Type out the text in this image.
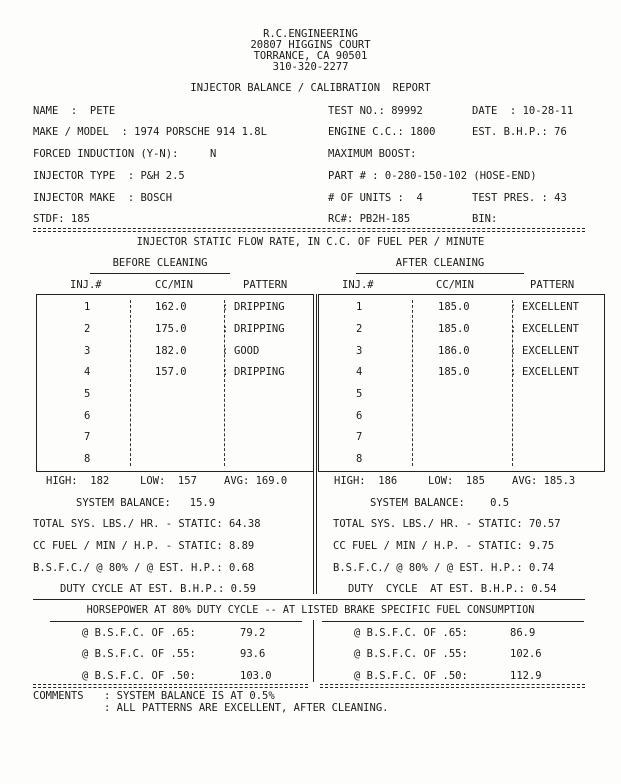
R.C.ENGINEERING
20807 HIGGINS COURT
TORRANCE, CA 90501
310-320-2277
INJECTOR BALANCE / CALIBRATION  REPORT
NAME  :  PETE
MAKE / MODEL  : 1974 PORSCHE 914 1.8L
FORCED INDUCTION (Y-N):     N
INJECTOR TYPE  : P&H 2.5
INJECTOR MAKE  : BOSCH
STDF: 185
TEST NO.: 89992	DATE  : 10-28-11
ENGINE C.C.: 1800	EST. B.H.P.: 76
MAXIMUM BOOST:
PART # : 0-280-150-102 (HOSE-END)
# OF UNITS :  4	TEST PRES. : 43
RC#: PB2H-185	BIN:
INJECTOR STATIC FLOW RATE, IN C.C. OF FUEL PER / MINUTE
BEFORE CLEANING	AFTER CLEANING
INJ.#	CC/MIN	PATTERN	INJ.#	CC/MIN	PATTERN
1	162.0	: DRIPPING
2	175.0	: DRIPPING
3	182.0	: GOOD
4	157.0	: DRIPPING
5
6
7
8
1	185.0	: EXCELLENT
2	185.0	: EXCELLENT
3	186.0	: EXCELLENT
4	185.0	: EXCELLENT
5
6
7
8
HIGH:  182	LOW:  157	AVG: 169.0
SYSTEM BALANCE:   15.9
TOTAL SYS. LBS./ HR. - STATIC: 64.38
CC FUEL / MIN / H.P. - STATIC: 8.89
B.S.F.C./ @ 80% / @ EST. H.P.: 0.68
DUTY CYCLE AT EST. B.H.P.: 0.59
HIGH:  186	LOW:  185	AVG: 185.3
SYSTEM BALANCE:    0.5
TOTAL SYS. LBS./ HR. - STATIC: 70.57
CC FUEL / MIN / H.P. - STATIC: 9.75
B.S.F.C./ @ 80% / @ EST. H.P.: 0.74
DUTY  CYCLE  AT EST. B.H.P.: 0.54
HORSEPOWER AT 80% DUTY CYCLE -- AT LISTED BRAKE SPECIFIC FUEL CONSUMPTION
@ B.S.F.C. OF .65:	79.2
@ B.S.F.C. OF .55:	93.6
@ B.S.F.C. OF .50:	103.0
@ B.S.F.C. OF .65:	86.9
@ B.S.F.C. OF .55:	102.6
@ B.S.F.C. OF .50:	112.9
COMMENTS : SYSTEM BALANCE IS AT 0.5%
: ALL PATTERNS ARE EXCELLENT, AFTER CLEANING.
